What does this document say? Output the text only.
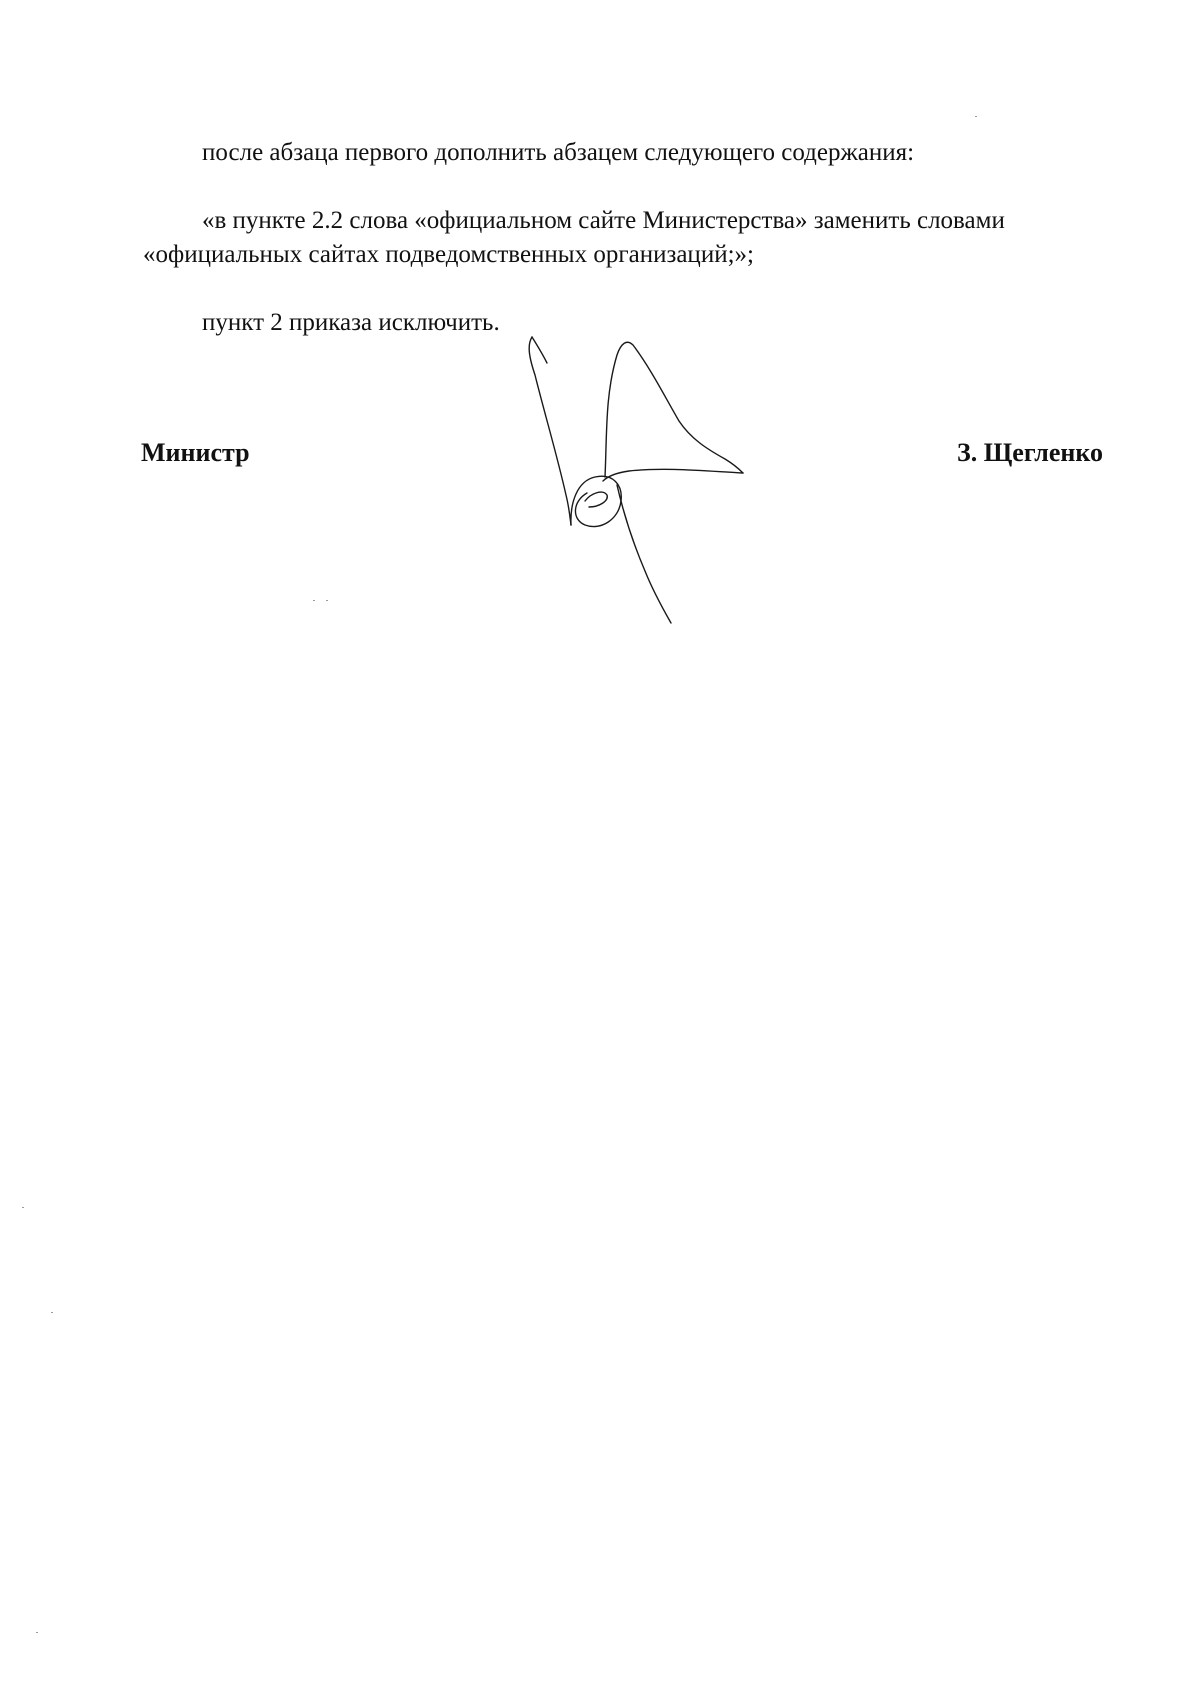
после абзаца первого дополнить абзацем следующего содержания:

«в пункте 2.2 слова «официальном сайте Министерства» заменить словами

«официальных сайтах подведомственных организаций;»;

пункт 2 приказа исключить.

Министр	З. Щегленко
